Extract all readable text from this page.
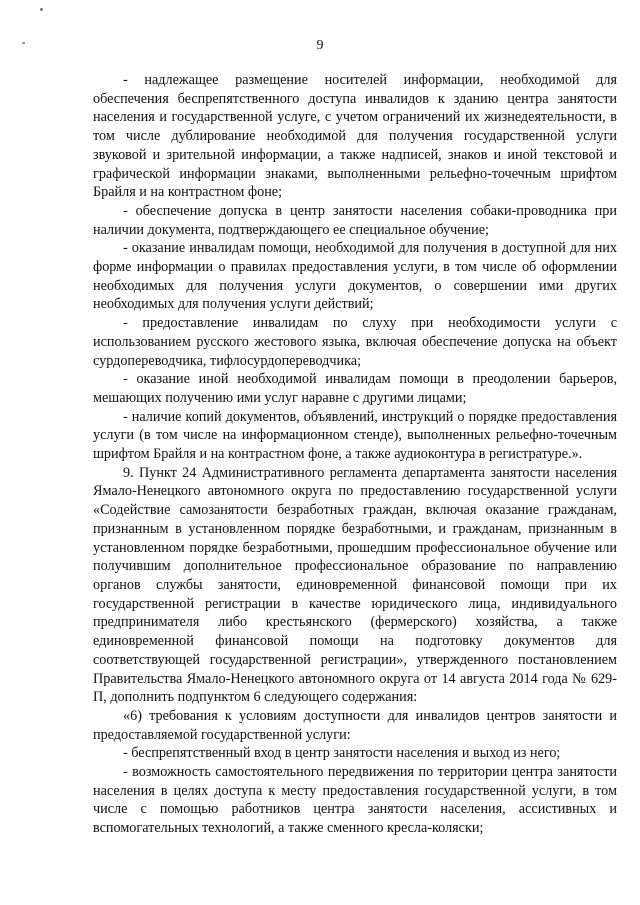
9

- надлежащее размещение носителей информации, необходимой для обеспечения беспрепятственного доступа инвалидов к зданию центра занятости населения и государственной услуге, с учетом ограничений их жизнедеятельности, в том числе дублирование необходимой для получения государственной услуги звуковой и зрительной информации, а также надписей, знаков и иной текстовой и графической информации знаками, выполненными рельефно-точечным шрифтом Брайля и на контрастном фоне;

- обеспечение допуска в центр занятости населения собаки-проводника при наличии документа, подтверждающего ее специальное обучение;

- оказание инвалидам помощи, необходимой для получения в доступной для них форме информации о правилах предоставления услуги, в том числе об оформлении необходимых для получения услуги документов, о совершении ими других необходимых для получения услуги действий;

- предоставление инвалидам по слуху при необходимости услуги с использованием русского жестового языка, включая обеспечение допуска на объект сурдопереводчика, тифлосурдопереводчика;

- оказание иной необходимой инвалидам помощи в преодолении барьеров, мешающих получению ими услуг наравне с другими лицами;

- наличие копий документов, объявлений, инструкций о порядке предоставления услуги (в том числе на информационном стенде), выполненных рельефно-точечным шрифтом Брайля и на контрастном фоне, а также аудиоконтура в регистратуре.».

9. Пункт 24 Административного регламента департамента занятости населения Ямало-Ненецкого автономного округа по предоставлению государственной услуги «Содействие самозанятости безработных граждан, включая оказание гражданам, признанным в установленном порядке безработными, и гражданам, признанным в установленном порядке безработными, прошедшим профессиональное обучение или получившим дополнительное профессиональное образование по направлению органов службы занятости, единовременной финансовой помощи при их государственной регистрации в качестве юридического лица, индивидуального предпринимателя либо крестьянского (фермерского) хозяйства, а также единовременной финансовой помощи на подготовку документов для соответствующей государственной регистрации», утвержденного постановлением Правительства Ямало-Ненецкого автономного округа от 14 августа 2014 года № 629-П, дополнить подпунктом 6 следующего содержания:

«6) требования к условиям доступности для инвалидов центров занятости и предоставляемой государственной услуги:

- беспрепятственный вход в центр занятости населения и выход из него;

- возможность самостоятельного передвижения по территории центра занятости населения в целях доступа к месту предоставления государственной услуги, в том числе с помощью работников центра занятости населения, ассистивных и вспомогательных технологий, а также сменного кресла-коляски;
